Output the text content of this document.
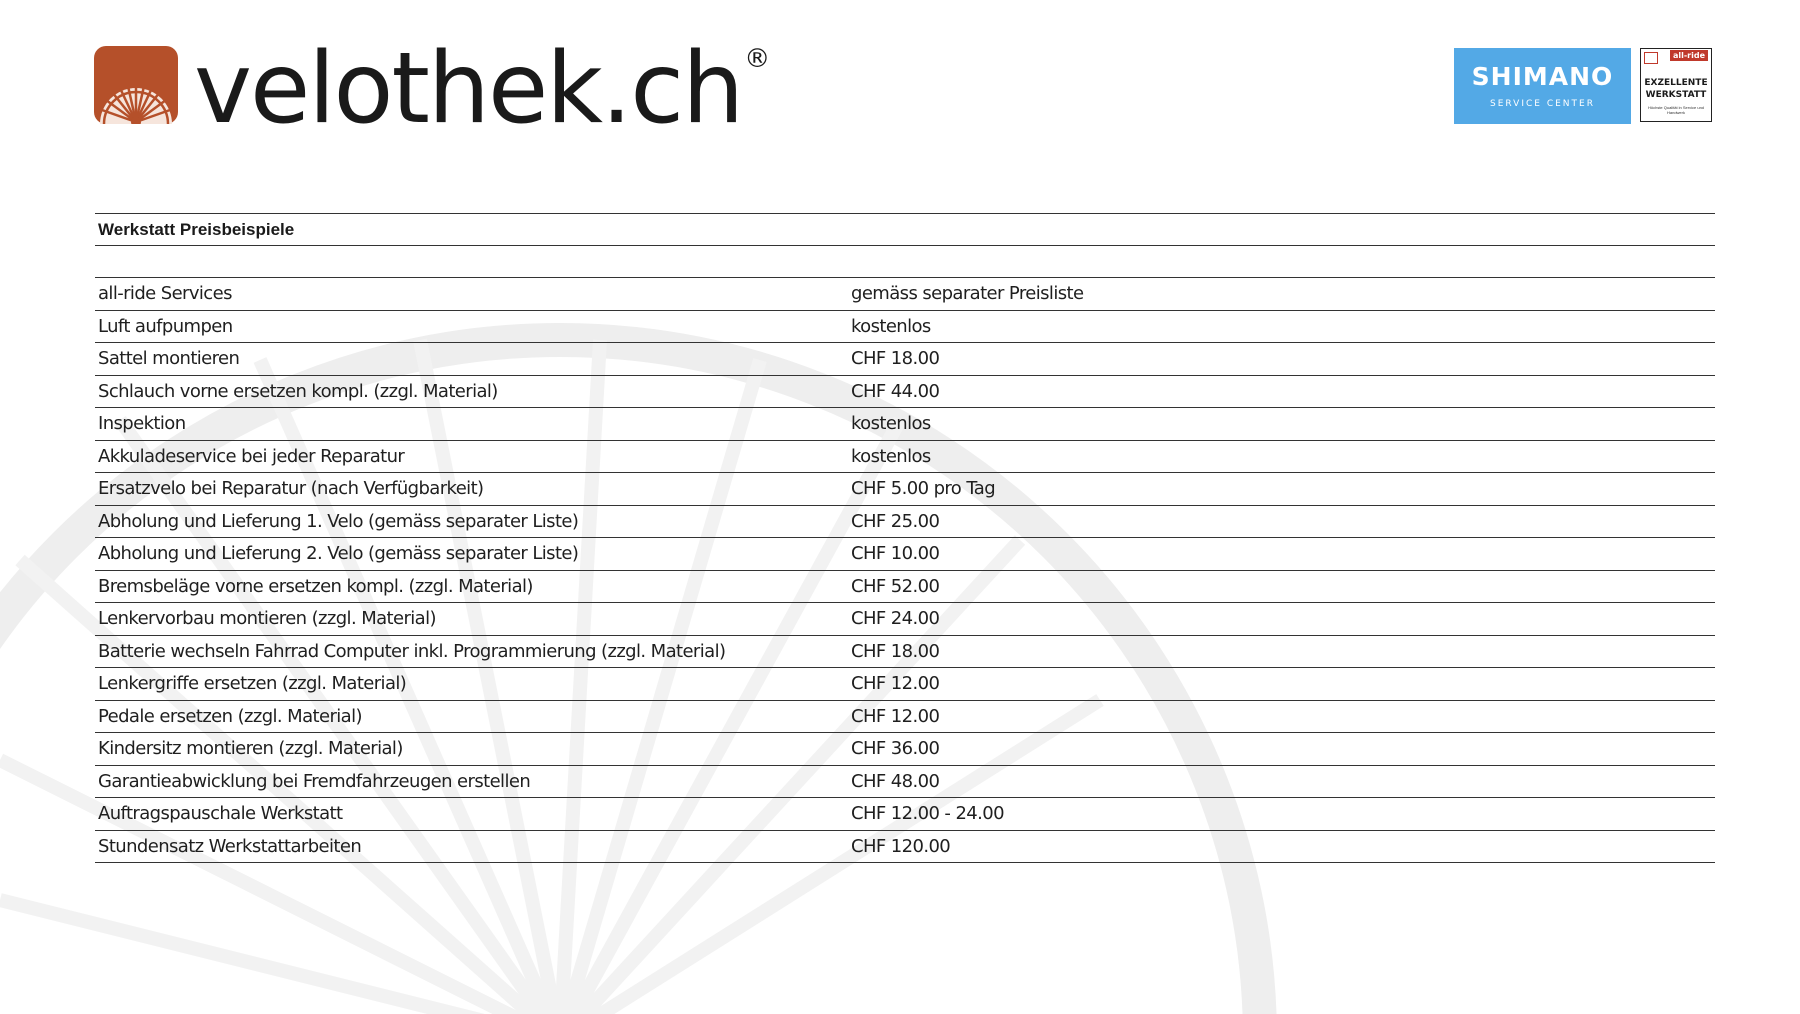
velothek.ch ®
SHIMANO
SERVICE CENTER
all-ride
EXZELLENTE
WERKSTATT
Höchste Qualität in Service und Handwerk
Werkstatt Preisbeispiele
all-ride Services	gemäss separater Preisliste
Luft aufpumpen	kostenlos
Sattel montieren	CHF 18.00
Schlauch vorne ersetzen kompl. (zzgl. Material)	CHF 44.00
Inspektion	kostenlos
Akkuladeservice bei jeder Reparatur	kostenlos
Ersatzvelo bei Reparatur (nach Verfügbarkeit)	CHF 5.00 pro Tag
Abholung und Lieferung 1. Velo (gemäss separater Liste)	CHF 25.00
Abholung und Lieferung 2. Velo (gemäss separater Liste)	CHF 10.00
Bremsbeläge vorne ersetzen kompl. (zzgl. Material)	CHF 52.00
Lenkervorbau montieren (zzgl. Material)	CHF 24.00
Batterie wechseln Fahrrad Computer inkl. Programmierung (zzgl. Material)	CHF 18.00
Lenkergriffe ersetzen (zzgl. Material)	CHF 12.00
Pedale ersetzen (zzgl. Material)	CHF 12.00
Kindersitz montieren (zzgl. Material)	CHF 36.00
Garantieabwicklung bei Fremdfahrzeugen erstellen	CHF 48.00
Auftragspauschale Werkstatt	CHF 12.00 - 24.00
Stundensatz Werkstattarbeiten	CHF 120.00
